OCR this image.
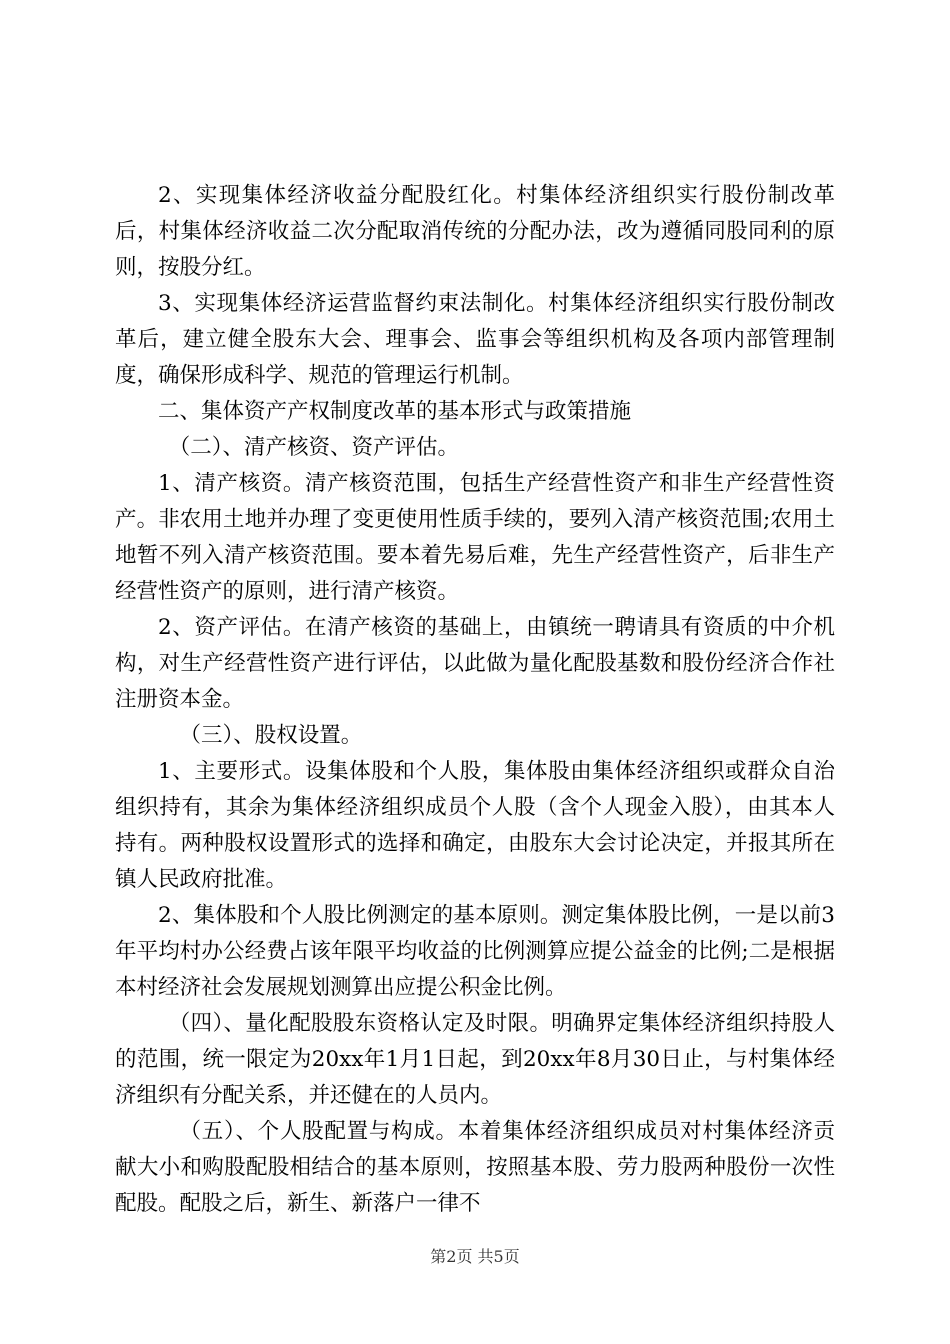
2、实现集体经济收益分配股红化。村集体经济组织实行股份制改革后，村集体经济收益二次分配取消传统的分配办法，改为遵循同股同利的原则，按股分红。

3、实现集体经济运营监督约束法制化。村集体经济组织实行股份制改革后，建立健全股东大会、理事会、监事会等组织机构及各项内部管理制度，确保形成科学、规范的管理运行机制。

二、集体资产产权制度改革的基本形式与政策措施

（二）、清产核资、资产评估。

1、清产核资。清产核资范围，包括生产经营性资产和非生产经营性资产。非农用土地并办理了变更使用性质手续的，要列入清产核资范围;农用土地暂不列入清产核资范围。要本着先易后难，先生产经营性资产，后非生产经营性资产的原则，进行清产核资。

2、资产评估。在清产核资的基础上，由镇统一聘请具有资质的中介机构，对生产经营性资产进行评估，以此做为量化配股基数和股份经济合作社注册资本金。

（三）、股权设置。

1、主要形式。设集体股和个人股，集体股由集体经济组织或群众自治组织持有，其余为集体经济组织成员个人股（含个人现金入股），由其本人持有。两种股权设置形式的选择和确定，由股东大会讨论决定，并报其所在镇人民政府批准。

2、集体股和个人股比例测定的基本原则。测定集体股比例，一是以前3年平均村办公经费占该年限平均收益的比例测算应提公益金的比例;二是根据本村经济社会发展规划测算出应提公积金比例。

（四）、量化配股股东资格认定及时限。明确界定集体经济组织持股人的范围，统一限定为20xx年1月1日起，到20xx年8月30日止，与村集体经济组织有分配关系，并还健在的人员内。

（五）、个人股配置与构成。本着集体经济组织成员对村集体经济贡献大小和购股配股相结合的基本原则，按照基本股、劳力股两种股份一次性配股。配股之后，新生、新落户一律不

第2页 共5页
